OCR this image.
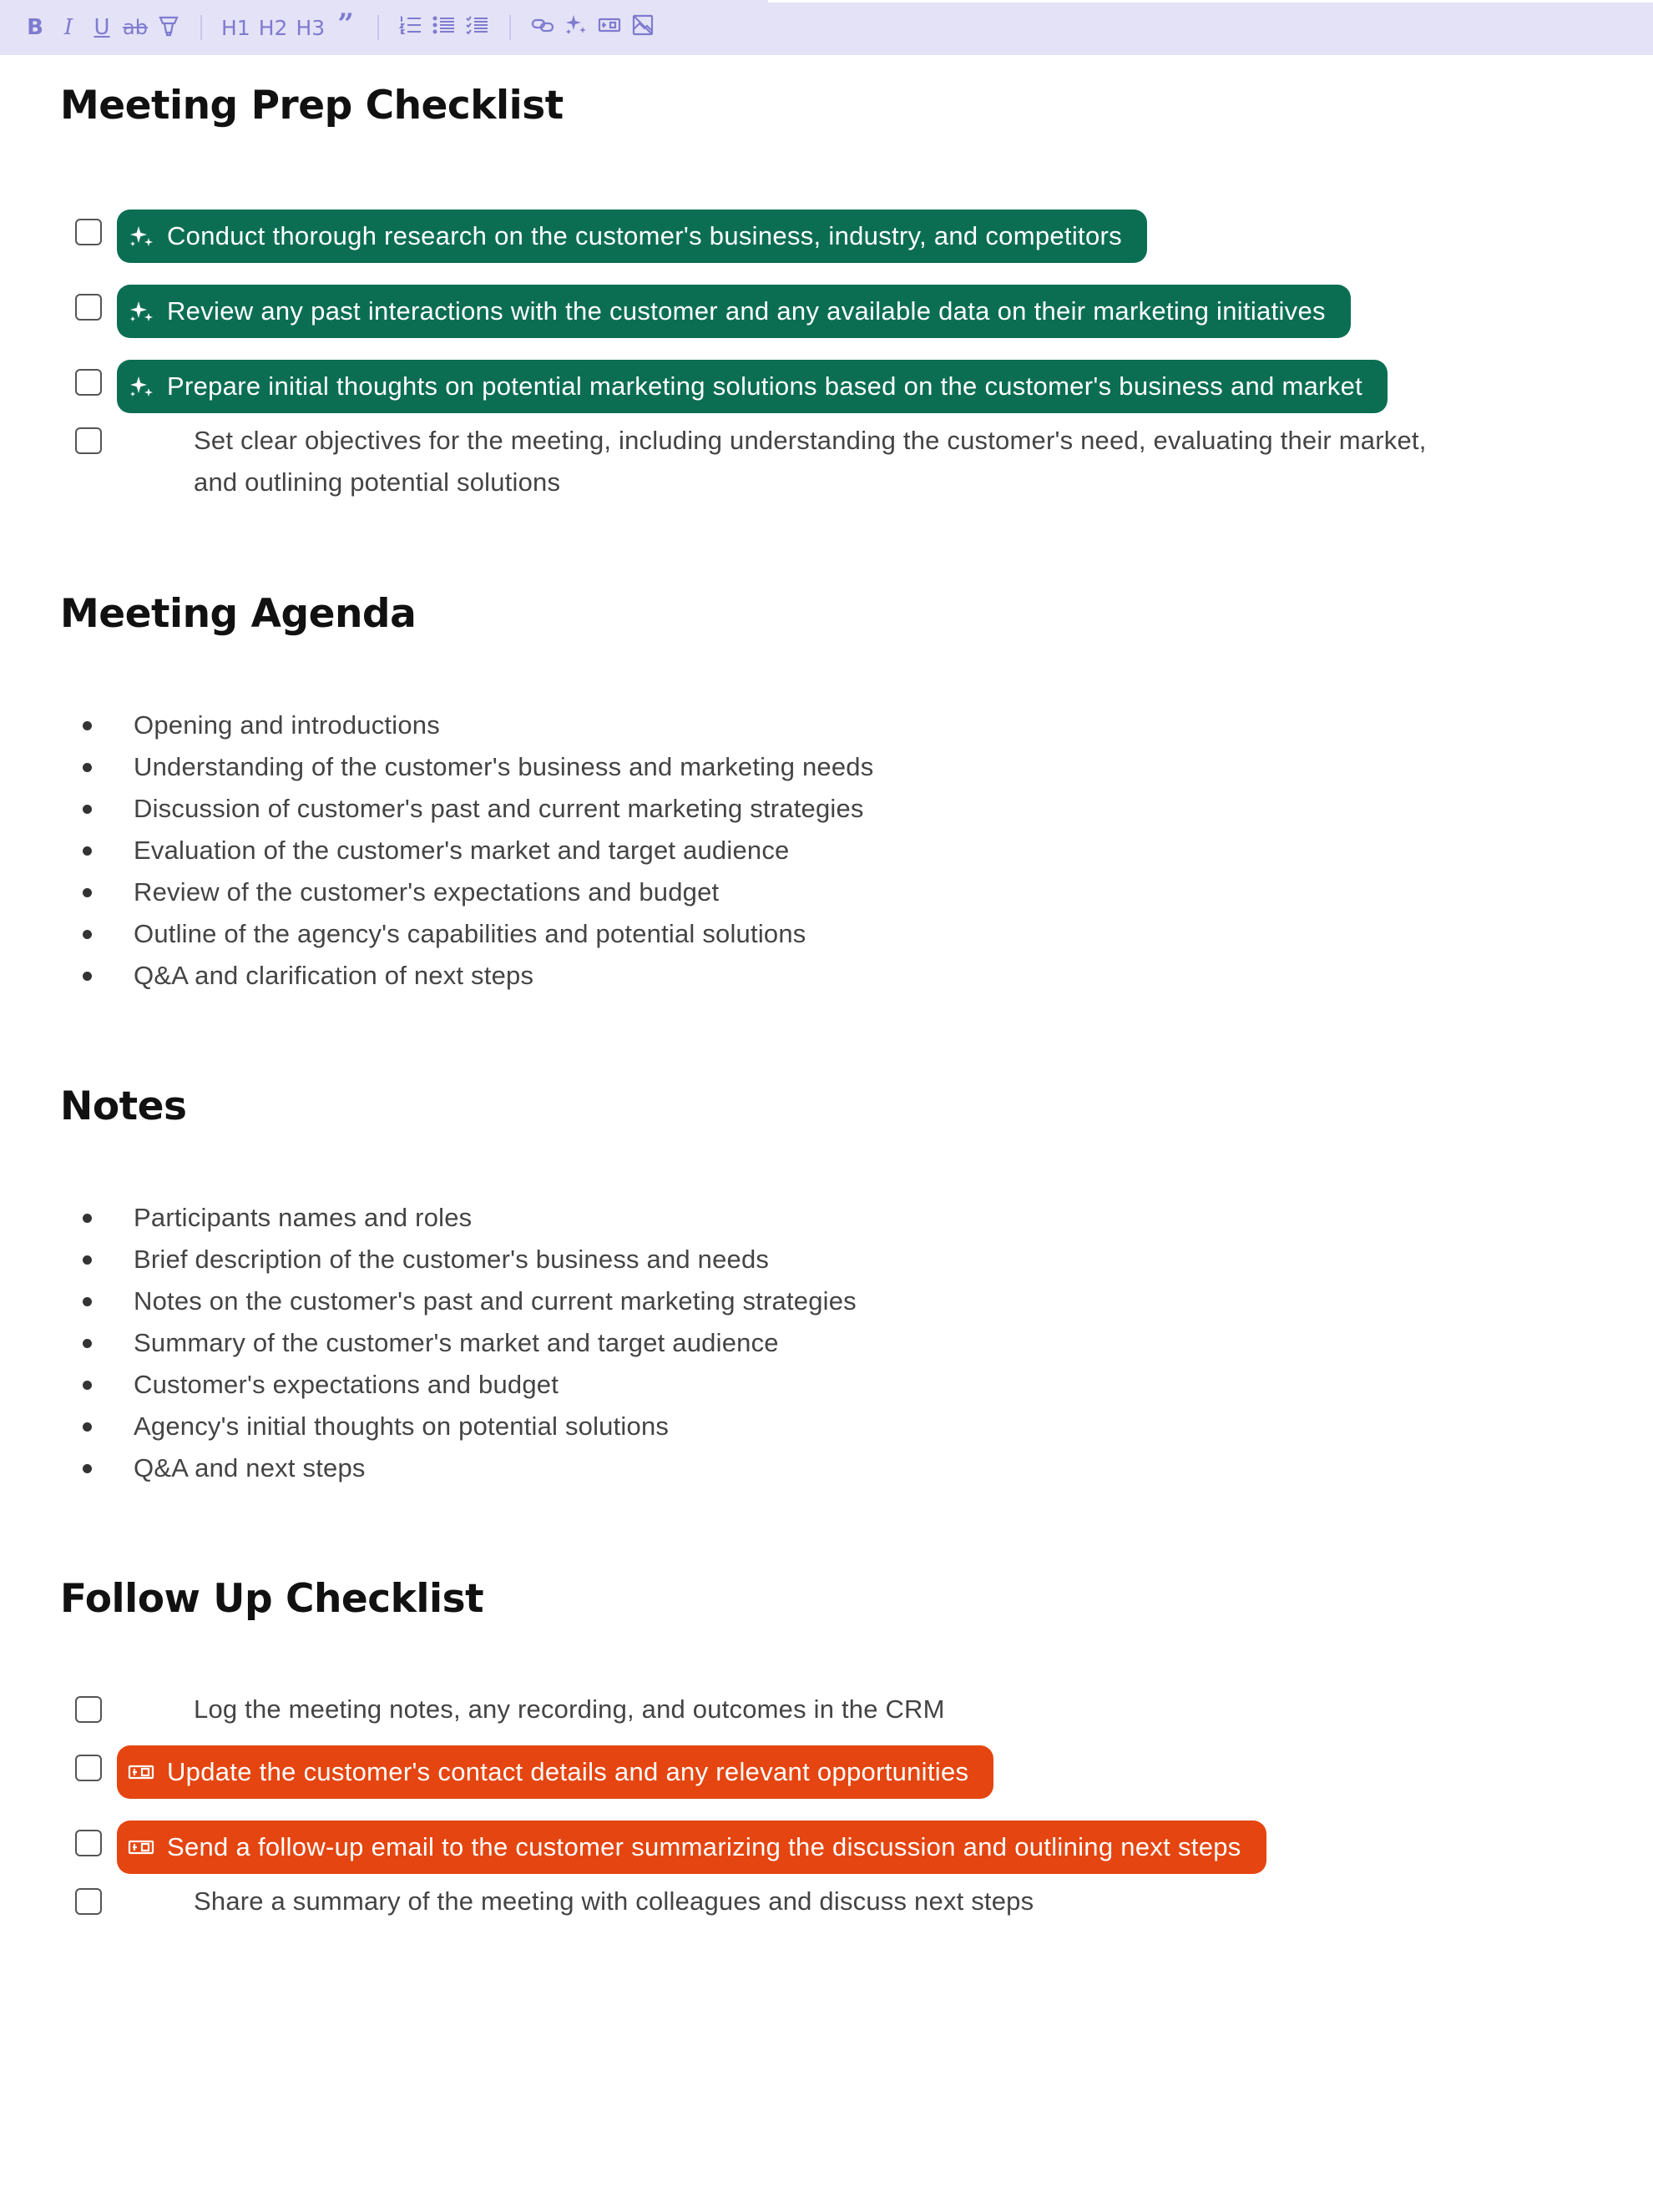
B I U ab	H1 H2 H3 ”
Meeting Prep Checklist
Conduct thorough research on the customer's business, industry, and competitors
Review any past interactions with the customer and any available data on their marketing initiatives
Prepare initial thoughts on potential marketing solutions based on the customer's business and market
Set clear objectives for the meeting, including understanding the customer's need, evaluating their market,
and outlining potential solutions
Meeting Agenda
Opening and introductions
Understanding of the customer's business and marketing needs
Discussion of customer's past and current marketing strategies
Evaluation of the customer's market and target audience
Review of the customer's expectations and budget
Outline of the agency's capabilities and potential solutions
Q&A and clarification of next steps
Notes
Participants names and roles
Brief description of the customer's business and needs
Notes on the customer's past and current marketing strategies
Summary of the customer's market and target audience
Customer's expectations and budget
Agency's initial thoughts on potential solutions
Q&A and next steps
Follow Up Checklist
Log the meeting notes, any recording, and outcomes in the CRM
Update the customer's contact details and any relevant opportunities
Send a follow-up email to the customer summarizing the discussion and outlining next steps
Share a summary of the meeting with colleagues and discuss next steps
